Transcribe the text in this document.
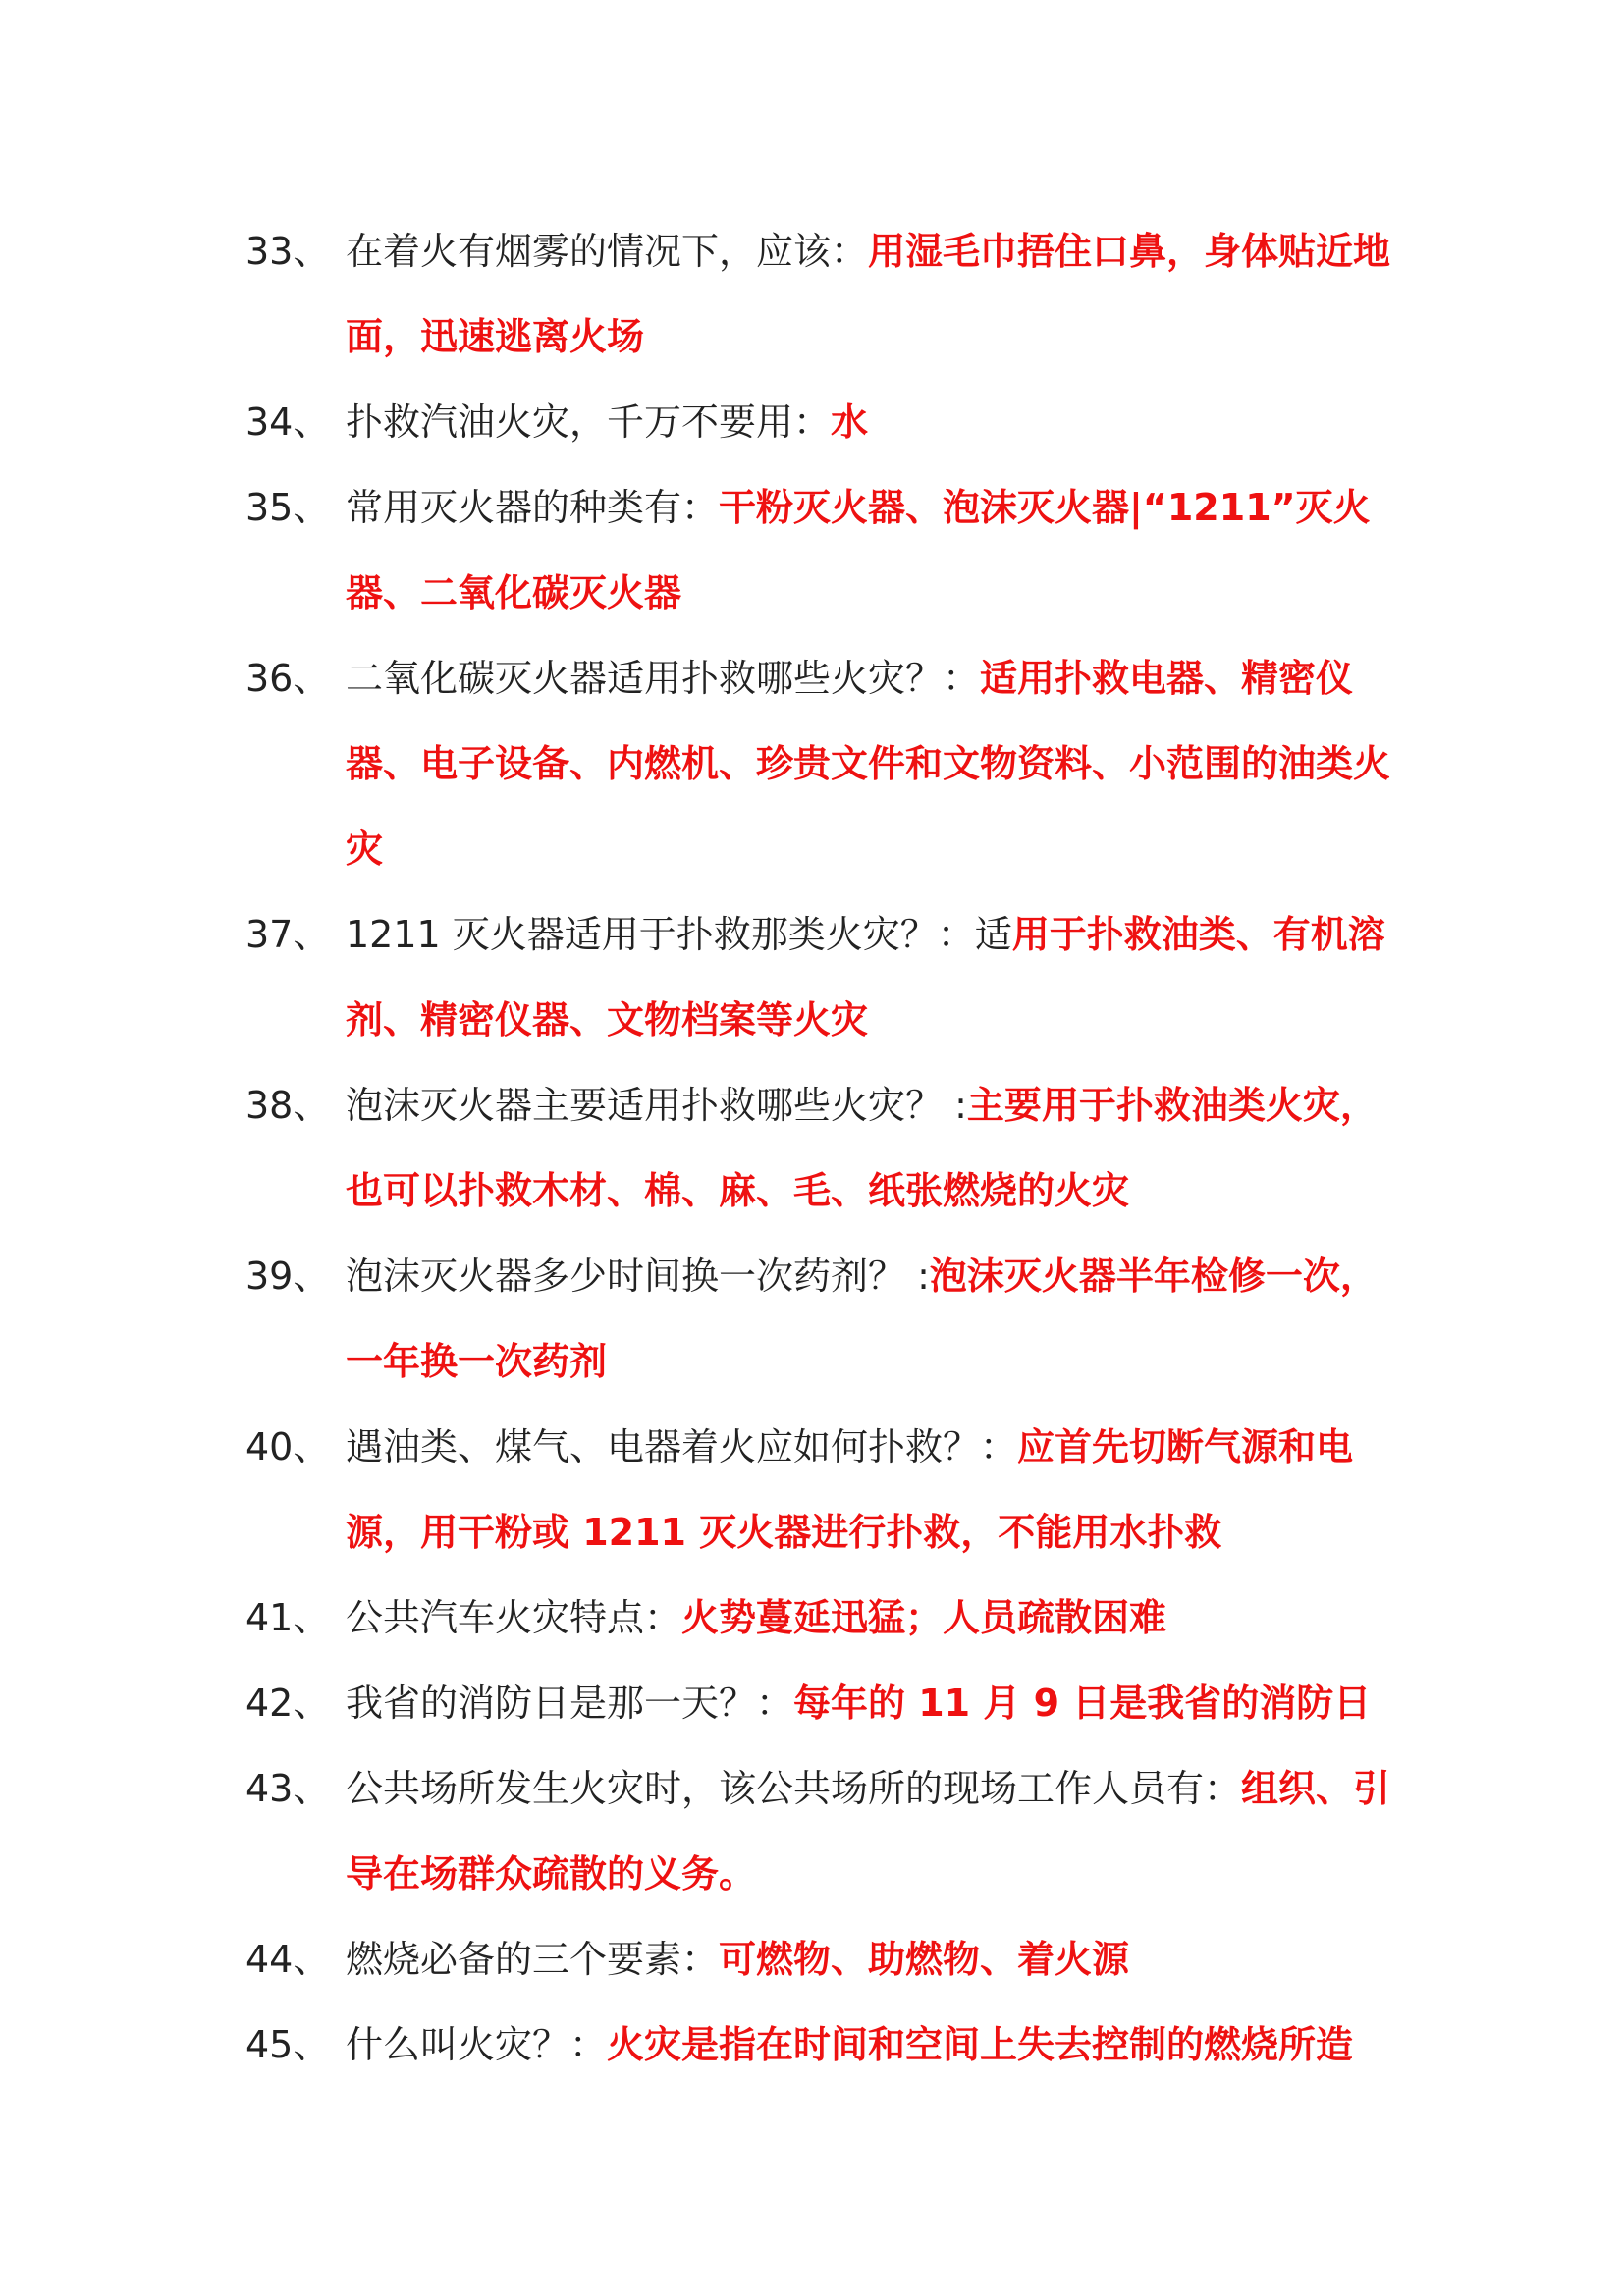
33、 在着火有烟雾的情况下，应该：用湿毛巾捂住口鼻，身体贴近地面，迅速逃离火场
34、 扑救汽油火灾，千万不要用：水
35、 常用灭火器的种类有：干粉灭火器、泡沫灭火器|“1211”灭火器、二氧化碳灭火器
36、 二氧化碳灭火器适用扑救哪些火灾？：适用扑救电器、精密仪器、电子设备、内燃机、珍贵文件和文物资料、小范围的油类火灾
37、 1211 灭火器适用于扑救那类火灾？：适用于扑救油类、有机溶剂、精密仪器、文物档案等火灾
38、 泡沫灭火器主要适用扑救哪些火灾？ :主要用于扑救油类火灾，也可以扑救木材、棉、麻、毛、纸张燃烧的火灾
39、 泡沫灭火器多少时间换一次药剂？ :泡沫灭火器半年检修一次，一年换一次药剂
40、 遇油类、煤气、电器着火应如何扑救？：应首先切断气源和电源，用干粉或 1211 灭火器进行扑救，不能用水扑救
41、 公共汽车火灾特点：火势蔓延迅猛；人员疏散困难
42、 我省的消防日是那一天？：每年的 11 月 9 日是我省的消防日
43、 公共场所发生火灾时，该公共场所的现场工作人员有：组织、引导在场群众疏散的义务。
44、 燃烧必备的三个要素：可燃物、助燃物、着火源
45、 什么叫火灾？：火灾是指在时间和空间上失去控制的燃烧所造
